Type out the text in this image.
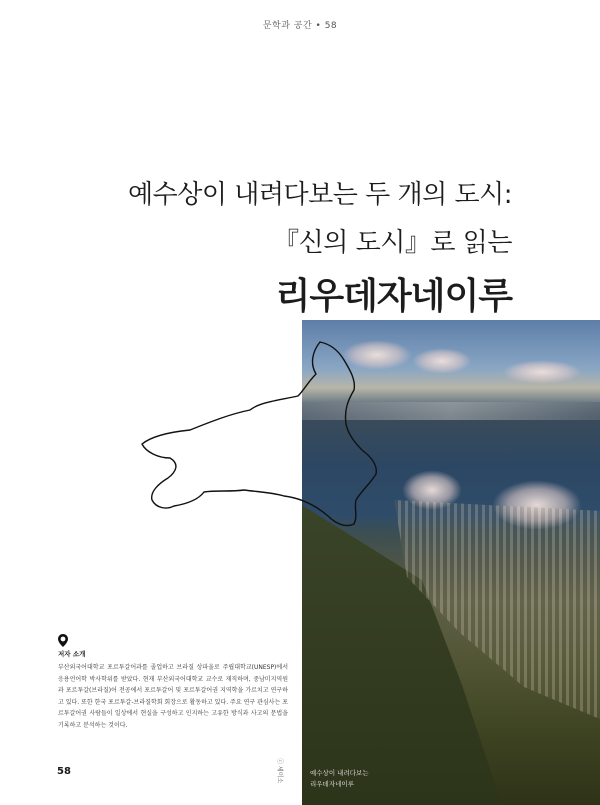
문학과 공간 • 58
예수상이 내려다보는 두 개의 도시:
『신의 도시』로 읽는
리우데자네이루
저자 소개

부산외국어대학교 포르투갈어과를 졸업하고 브라질 상파울로 주립대학교(UNESP)에서 응용언어학 박사학위를 받았다. 현재 부산외국어대학교 교수로 재직하며, 중남미지역원과 포르투갈(브라질)어 전공에서 포르투갈어 및 포르투갈어권 지역학을 가르치고 연구하고 있다. 또한 한국 포르투갈-브라질학회 회장으로 활동하고 있다. 주요 연구 관심사는 포르투갈어권 사람들이 일상에서 현실을 구성하고 인지하는 고유한 방식과 사고의 문법을 기록하고 분석하는 것이다.

58	ⓒ 세미소	예수상이 내려다보는
리우데자네이루
